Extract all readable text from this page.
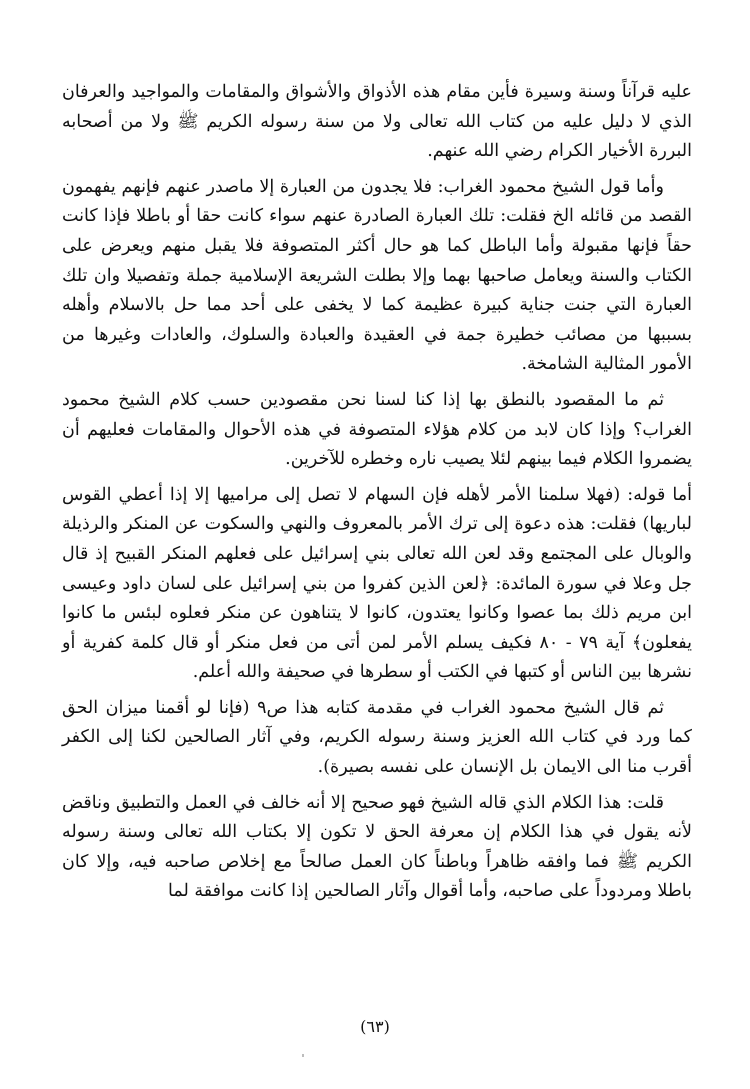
عليه قرآناً وسنة وسيرة فأين مقام هذه الأذواق والأشواق والمقامات والمواجيد والعرفان الذي لا دليل عليه من كتاب الله تعالى ولا من سنة رسوله الكريم ﷺ ولا من أصحابه البررة الأخيار الكرام رضي الله عنهم.

وأما قول الشيخ محمود الغراب: فلا يجدون من العبارة إلا ماصدر عنهم فإنهم يفهمون القصد من قائله الخ فقلت: تلك العبارة الصادرة عنهم سواء كانت حقا أو باطلا فإذا كانت حقاً فإنها مقبولة وأما الباطل كما هو حال أكثر المتصوفة فلا يقبل منهم ويعرض على الكتاب والسنة ويعامل صاحبها بهما وإلا بطلت الشريعة الإسلامية جملة وتفصيلا وان تلك العبارة التي جنت جناية كبيرة عظيمة كما لا يخفى على أحد مما حل بالاسلام وأهله بسببها من مصائب خطيرة جمة في العقيدة والعبادة والسلوك، والعادات وغيرها من الأمور المثالية الشامخة.

ثم ما المقصود بالنطق بها إذا كنا لسنا نحن مقصودين حسب كلام الشيخ محمود الغراب؟ وإذا كان لابد من كلام هؤلاء المتصوفة في هذه الأحوال والمقامات فعليهم أن يضمروا الكلام فيما بينهم لئلا يصيب ناره وخطره للآخرين.

أما قوله: (فهلا سلمنا الأمر لأهله فإن السهام لا تصل إلى مراميها إلا إذا أعطي القوس لباريها) فقلت: هذه دعوة إلى ترك الأمر بالمعروف والنهي والسكوت عن المنكر والرذيلة والوبال على المجتمع وقد لعن الله تعالى بني إسرائيل على فعلهم المنكر القبيح إذ قال جل وعلا في سورة المائدة: ﴿لعن الذين كفروا من بني إسرائيل على لسان داود وعيسى ابن مريم ذلك بما عصوا وكانوا يعتدون، كانوا لا يتناهون عن منكر فعلوه لبئس ما كانوا يفعلون﴾ آية ٧٩ - ٨٠ فكيف يسلم الأمر لمن أتى من فعل منكر أو قال كلمة كفرية أو نشرها بين الناس أو كتبها في الكتب أو سطرها في صحيفة والله أعلم.

ثم قال الشيخ محمود الغراب في مقدمة كتابه هذا ص٩ (فإنا لو أقمنا ميزان الحق كما ورد في كتاب الله العزيز وسنة رسوله الكريم، وفي آثار الصالحين لكنا إلى الكفر أقرب منا الى الايمان بل الإنسان على نفسه بصيرة).

قلت: هذا الكلام الذي قاله الشيخ فهو صحيح إلا أنه خالف في العمل والتطبيق وناقض لأنه يقول في هذا الكلام إن معرفة الحق لا تكون إلا بكتاب الله تعالى وسنة رسوله الكريم ﷺ فما وافقه ظاهراً وباطناً كان العمل صالحاً مع إخلاص صاحبه فيه، وإلا كان باطلا ومردوداً على صاحبه، وأما أقوال وآثار الصالحين إذا كانت موافقة لما

(٦٣)
